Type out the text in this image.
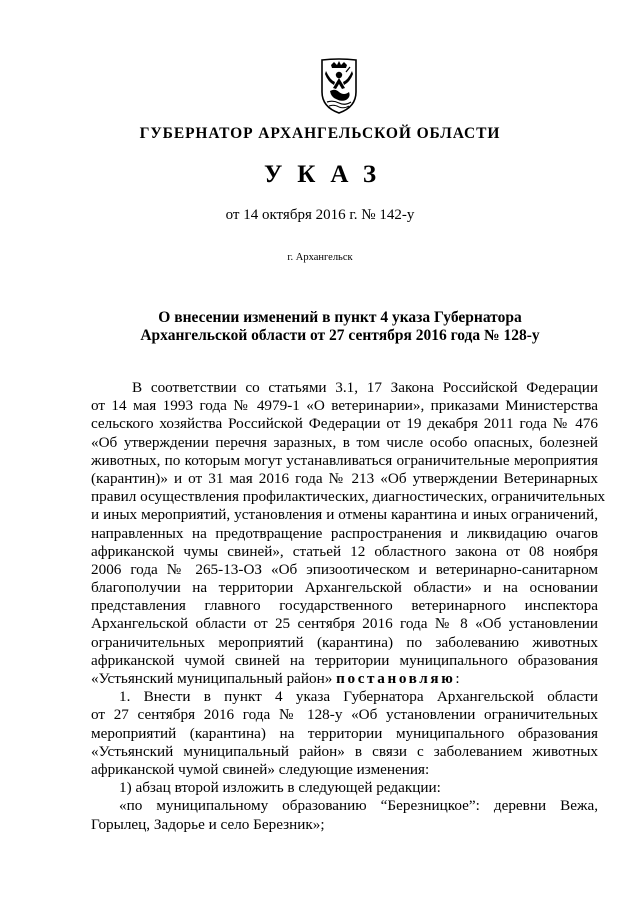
ГУБЕРНАТОР АРХАНГЕЛЬСКОЙ ОБЛАСТИ
УКАЗ
от 14 октября 2016 г. № 142-у
г. Архангельск
О внесении изменений в пункт 4 указа Губернатора
Архангельской области от 27 сентября 2016 года № 128-у
В соответствии со статьями 3.1, 17 Закона Российской Федерации
от 14 мая 1993 года № 4979-1 «О ветеринарии», приказами Министерства
сельского хозяйства Российской Федерации от 19 декабря 2011 года № 476
«Об утверждении перечня заразных, в том числе особо опасных, болезней
животных, по которым могут устанавливаться ограничительные мероприятия
(карантин)» и от 31 мая 2016 года № 213 «Об утверждении Ветеринарных
правил осуществления профилактических, диагностических, ограничительных
и иных мероприятий, установления и отмены карантина и иных ограничений,
направленных на предотвращение распространения и ликвидацию очагов
африканской чумы свиней», статьей 12 областного закона от 08 ноября
2006 года № 265-13-ОЗ «Об эпизоотическом и ветеринарно-санитарном
благополучии на территории Архангельской области» и на основании
представления главного государственного ветеринарного инспектора
Архангельской области от 25 сентября 2016 года № 8 «Об установлении
ограничительных мероприятий (карантина) по заболеванию животных
африканской чумой свиней на территории муниципального образования
«Устьянский муниципальный район» постановляю:
1. Внести в пункт 4 указа Губернатора Архангельской области
от 27 сентября 2016 года № 128-у «Об установлении ограничительных
мероприятий (карантина) на территории муниципального образования
«Устьянский муниципальный район» в связи с заболеванием животных
африканской чумой свиней» следующие изменения:
1) абзац второй изложить в следующей редакции:
«по муниципальному образованию “Березницкое”: деревни Вежа,
Горылец, Задорье и село Березник»;
